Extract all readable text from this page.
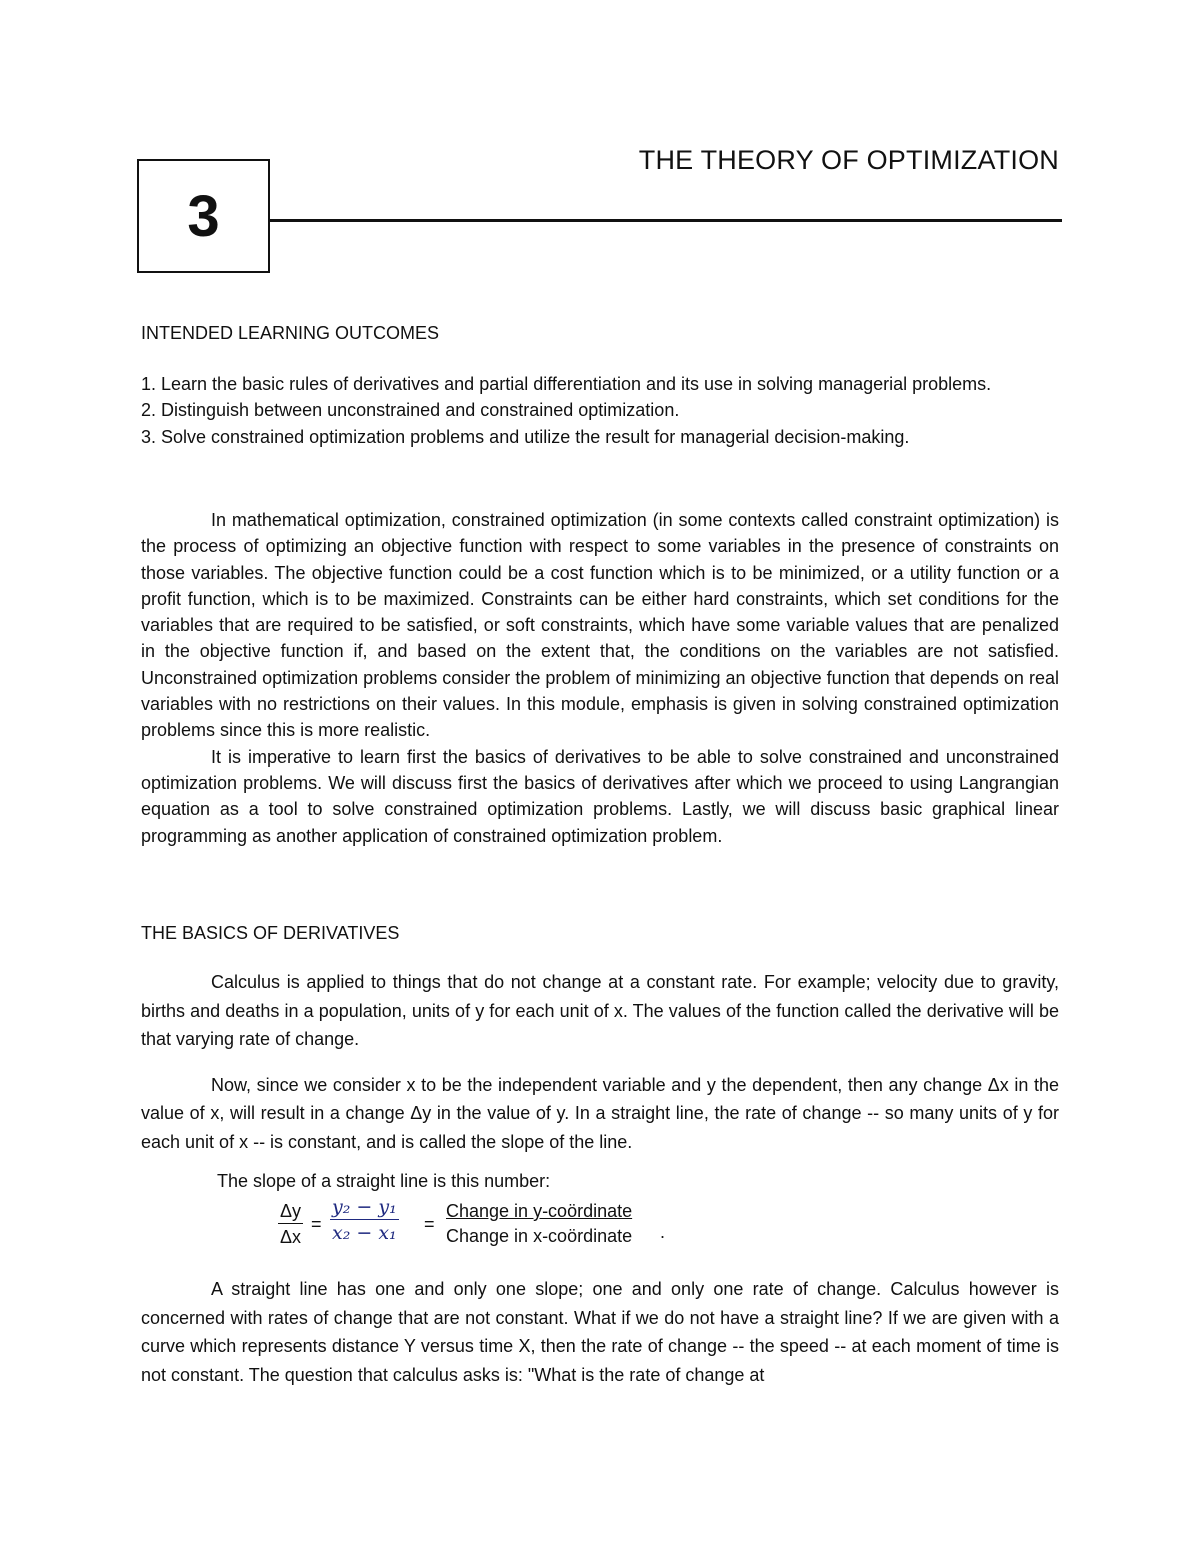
3
THE THEORY OF OPTIMIZATION

INTENDED LEARNING OUTCOMES

1. Learn the basic rules of derivatives and partial differentiation and its use in solving managerial problems.

2. Distinguish between unconstrained and constrained optimization.

3. Solve constrained optimization problems and utilize the result for managerial decision-making.

In mathematical optimization, constrained optimization (in some contexts called constraint optimization) is the process of optimizing an objective function with respect to some variables in the presence of constraints on those variables. The objective function could be a cost function which is to be minimized, or a utility function or a profit function, which is to be maximized. Constraints can be either hard constraints, which set conditions for the variables that are required to be satisfied, or soft constraints, which have some variable values that are penalized in the objective function if, and based on the extent that, the conditions on the variables are not satisfied. Unconstrained optimization problems consider the problem of minimizing an objective function that depends on real variables with no restrictions on their values. In this module, emphasis is given in solving constrained optimization problems since this is more realistic.

It is imperative to learn first the basics of derivatives to be able to solve constrained and unconstrained optimization problems. We will discuss first the basics of derivatives after which we proceed to using Langrangian equation as a tool to solve constrained optimization problems. Lastly, we will discuss basic graphical linear programming as another application of constrained optimization problem.

THE BASICS OF DERIVATIVES

Calculus is applied to things that do not change at a constant rate. For example; velocity due to gravity, births and deaths in a population, units of y for each unit of x. The values of the function called the derivative will be that varying rate of change.

Now, since we consider x to be the independent variable and y the dependent, then any change Δx in the value of x, will result in a change Δy in the value of y. In a straight line, the rate of change -- so many units of y for each unit of x -- is constant, and is called the slope of the line.

The slope of a straight line is this number:

$\frac{\Delta y}{\Delta x} = \frac{\text{y₂ − y₁}}{\text{x₂ − x₁}}$ =
Change in y-coördinate
Change in x-coördinate .

A straight line has one and only one slope; one and only one rate of change. Calculus however is concerned with rates of change that are not constant. What if we do not have a straight line? If we are given with a curve which represents distance Y versus time X, then the rate of change -- the speed -- at each moment of time is not constant. The question that calculus asks is: "What is the rate of change at
